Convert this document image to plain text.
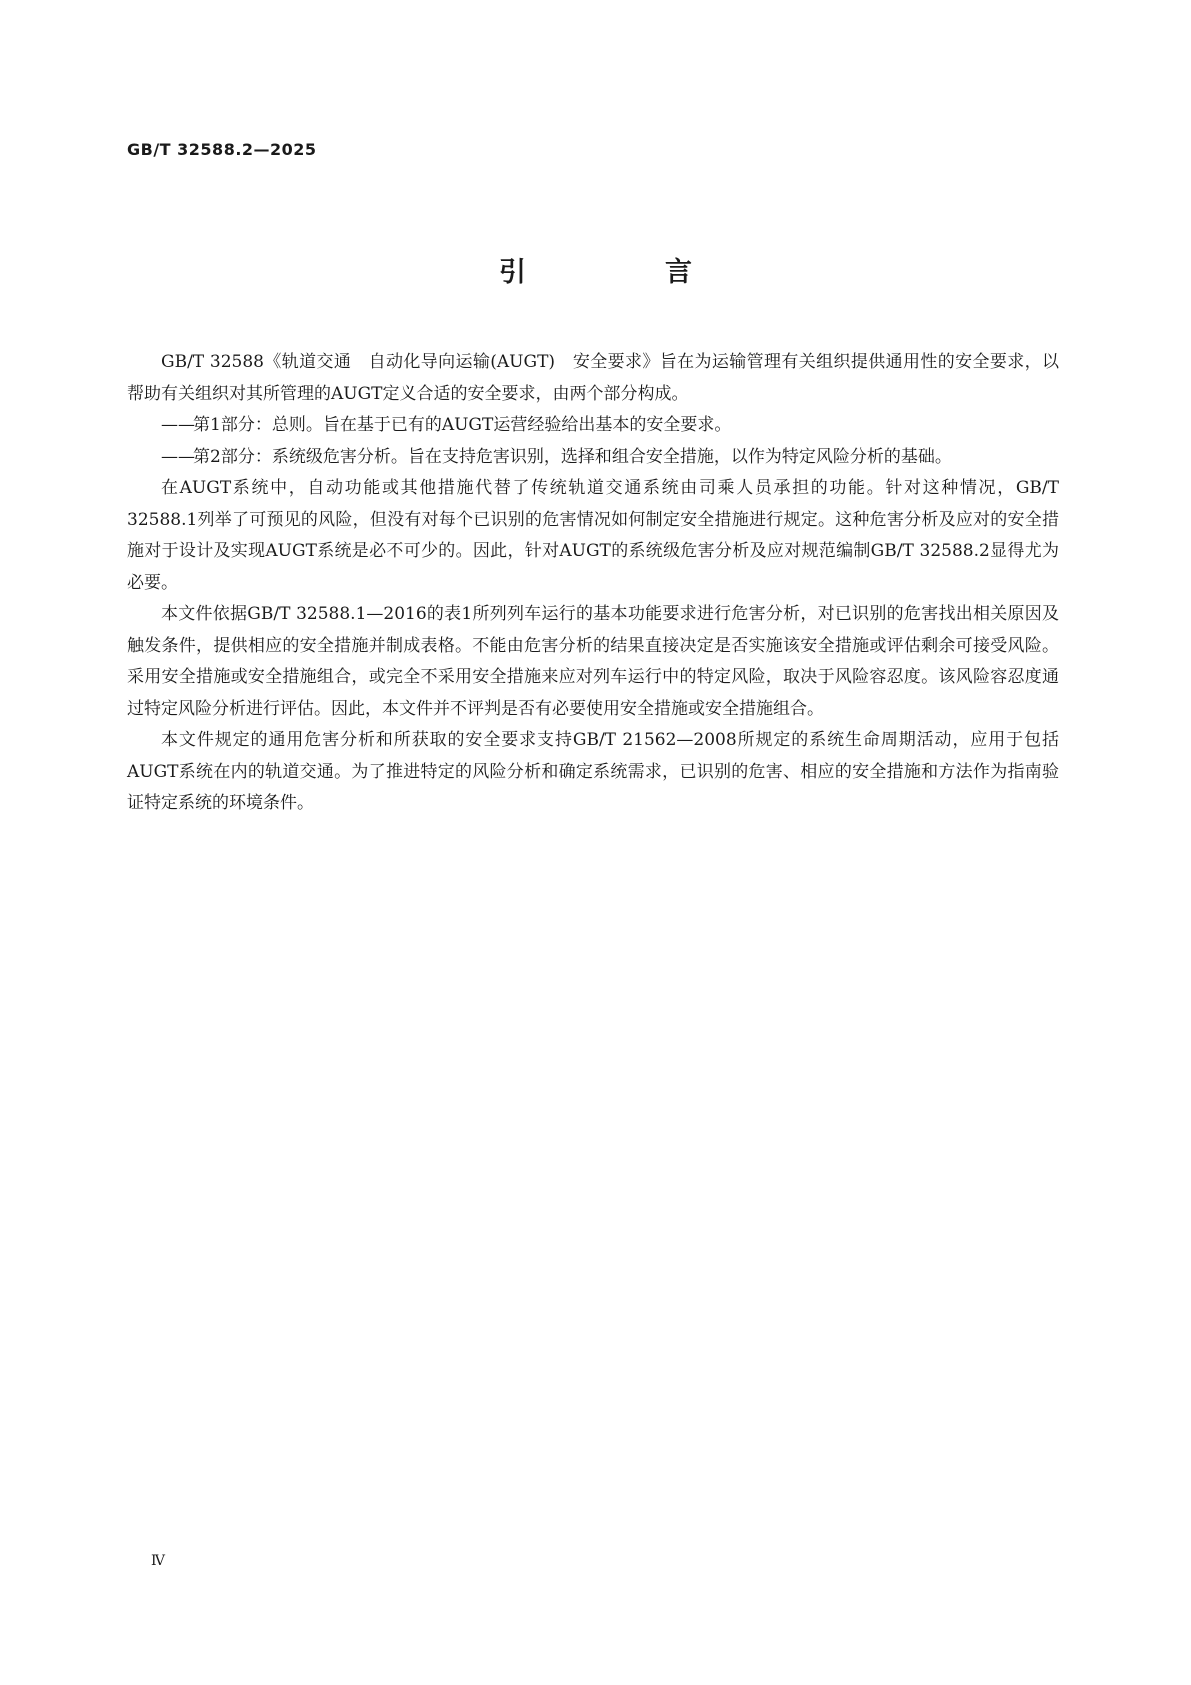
GB/T 32588.2—2025
引　言

GB/T 32588《轨道交通　自动化导向运输(AUGT)　安全要求》旨在为运输管理有关组织提供通用性的安全要求，以帮助有关组织对其所管理的AUGT定义合适的安全要求，由两个部分构成。

——
第1部分：总则。旨在基于已有的AUGT运营经验给出基本的安全要求。

——
第2部分：系统级危害分析。旨在支持危害识别，选择和组合安全措施，以作为特定风险分析的基础。

在AUGT系统中，自动功能或其他措施代替了传统轨道交通系统由司乘人员承担的功能。针对这种情况，GB/T 32588.1列举了可预见的风险，但没有对每个已识别的危害情况如何制定安全措施进行规定。这种危害分析及应对的安全措施对于设计及实现AUGT系统是必不可少的。因此，针对AUGT的系统级危害分析及应对规范编制GB/T 32588.2显得尤为必要。

本文件依据GB/T 32588.1—2016的表1所列列车运行的基本功能要求进行危害分析，对已识别的危害找出相关原因及触发条件，提供相应的安全措施并制成表格。不能由危害分析的结果直接决定是否实施该安全措施或评估剩余可接受风险。采用安全措施或安全措施组合，或完全不采用安全措施来应对列车运行中的特定风险，取决于风险容忍度。该风险容忍度通过特定风险分析进行评估。因此，本文件并不评判是否有必要使用安全措施或安全措施组合。

本文件规定的通用危害分析和所获取的安全要求支持GB/T 21562—2008所规定的系统生命周期活动，应用于包括AUGT系统在内的轨道交通。为了推进特定的风险分析和确定系统需求，已识别的危害、相应的安全措施和方法作为指南验证特定系统的环境条件。

Ⅳ
